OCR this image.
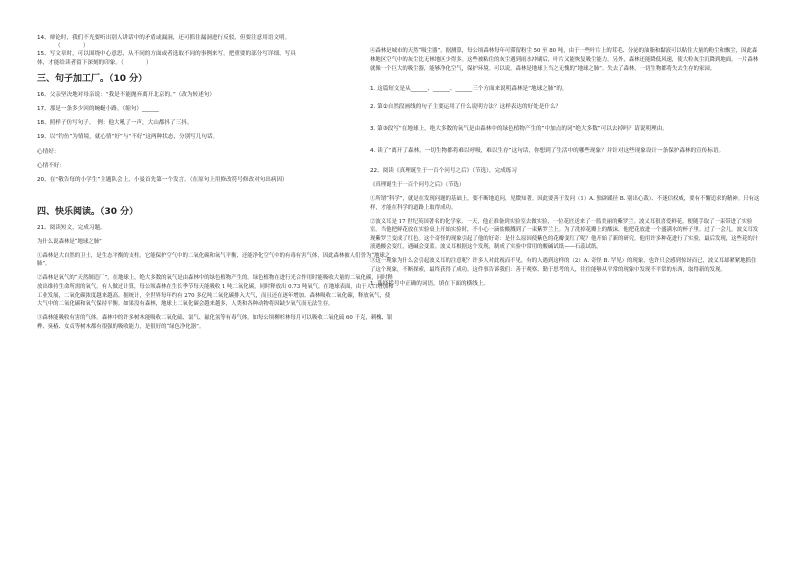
14、辩论时，我们不光要听出别人讲话中的矛盾或漏洞，还可抓住漏洞进行反驳，但要注意用语文明。

（　　　　）

15、写文章时，可以围绕中心意思，从不同的方面或者选取不同的事例来写，把重要的部分写详细、写具

体，才能给读者留下深刻的印象。（　　　　）

三、句子加工厂。（10 分）

16、父亲坚决地对母亲说：“我是不能抛弃离开北京的。”（改为转述句）

17、那是一条多少回的蜿蜒小路。（缩句）______

18、照样子仿写句子。　例：他大吼了一声，大山都抖了三抖。

19、以“钓鱼”为情境，就心情“好”与“不好”这两种状态，分别写几句话。

心情好：

心情不好：

20、在“敬告每的小学生”主题队会上，小曼首先第一个发言。（在原句上用修改符号修改对句出病因）

四、快乐阅读。（30 分）

21、阅读短文，完成习题。

为什么说森林是“地球之肺”

①森林是大自然的卫士，是生态平衡的支柱。它能保护空气中的二氧化碳和氧气平衡，还能净化空气中的有毒有害气体，因此森林被人们誉为“地球之肺”。

②森林是氧气的“天然制造厂”，在地球上，绝大多数的氧气是由森林中的绿色植物产生的。绿色植物在进行光合作用时能吸收大量的二氧化碳，同时释放出维持生命所需的氧气。有人做过计算，每公顷森林在生长季节每天能吸收 1 吨二氧化碳，同时释放出 0.73 吨氧气。在地球表面，由于人口增加和工业发展，二氧化碳浓度越来越高。据统计，全世界每年约有 270 多亿吨二氧化碳排入大气，而且还在逐年增加。森林吸收二氧化碳，释放氧气，使大气中的二氧化碳和氧气保持平衡。如果没有森林，地球上二氧化碳会越来越多，人类和各种动物将因缺少氧气而无法生存。

③森林能吸收有害的气体。森林中的许多树木能吸收二氧化硫、氯气、氟化氢等有毒气体。如每公顷柳杉林每月可以吸收二氧化硫 60 千克，刺槐、银桦、臭椿、女贞等树木都有很强的吸收能力，是很好的“绿色净化器”。

④森林是城市的天然“吸尘器”。据测算，每公顷森林每年可滞留粉尘 50 至 80 吨，由于一些叶片上的茸毛、分泌的油脂和黏液可以粘住大量的粉尘和飘尘，因此森林地区空气中的灰尘比无林地区少得多。这些被粘住的灰尘遇到雨水冲刷后，叶片又能恢复吸尘能力。另外，森林还能降低风速，使大粒灰尘沉降到地面。一片森林就像一个巨大的吸尘器，能够净化空气，保护环境。可以说，森林是地球上当之无愧的“地球之肺”。失去了森林，一切生物都将失去生存的家园。

1. 这篇短文是从______、______、______三个方面来说明森林是“地球之肺”的。

2. 第②自然段画线的句子主要运用了什么说明方法？这样表达的好处是什么？

3. 第③段写“在地球上，绝大多数的氧气是由森林中的绿色植物产生的”中加点的词“绝大多数”可以去掉吗？请说明理由。

4. 读了“离开了森林，一切生物都将难以呼吸，难以生存”这句话，你想到了生活中的哪些现象？并针对这些现象设计一条保护森林的宣传标语。

22、阅读《真理诞生于一百个问号之后》（节选），完成练习

《真理诞生于一百个问号之后》（节选）

①所谓“科学”，就是在发现问题的基础上，要不断地追问，见微知著。因此要善于发问（1）A. 独辟蹊径 B. 别出心裁）、不迷信权威，要有不懈追求的精神。只有这样，才能在科学的道路上取得成功。

②波义耳是 17 世纪英国著名的化学家。一天，他正准备到实验室去做实验，一位花匠送来了一篮美丽的紫罗兰。波义耳很喜爱鲜花，便随手取了一束带进了实验室。当他把鲜花放在实验桌上开始实验时，不小心一滴盐酸溅到了一束紫罗兰上。为了洗掉花瓣上的酸沫，他把花放进一个盛满水的杯子里。过了一会儿，波义耳发现紫罗兰变成了红色。这个奇怪的现象引起了他的好奇：是什么原因使紫色的花瓣变红了呢？他开始了新的研究，他用许多种花进行了实验，最后发现，这些花的汁液遇酸会变红，遇碱会变蓝。波义耳根据这个发现，制成了实验中常用的酸碱试纸——石蕊试纸。

③这一现象为什么会引起波义耳的注意呢？许多人对此视而不见，有的人遇到这样的（2）A. 奇怪 B. 罕见）的现象，也许只会感到惊讶而已，波义耳却紧紧地抓住了这个现象，不断探索，最终获得了成功。这件事告诉我们：善于观察、勤于思考的人，往往能够从平常的现象中发现不平常的东西，取得新的发现。

1. 选择括号中正确的词语，填在下面的横线上。
